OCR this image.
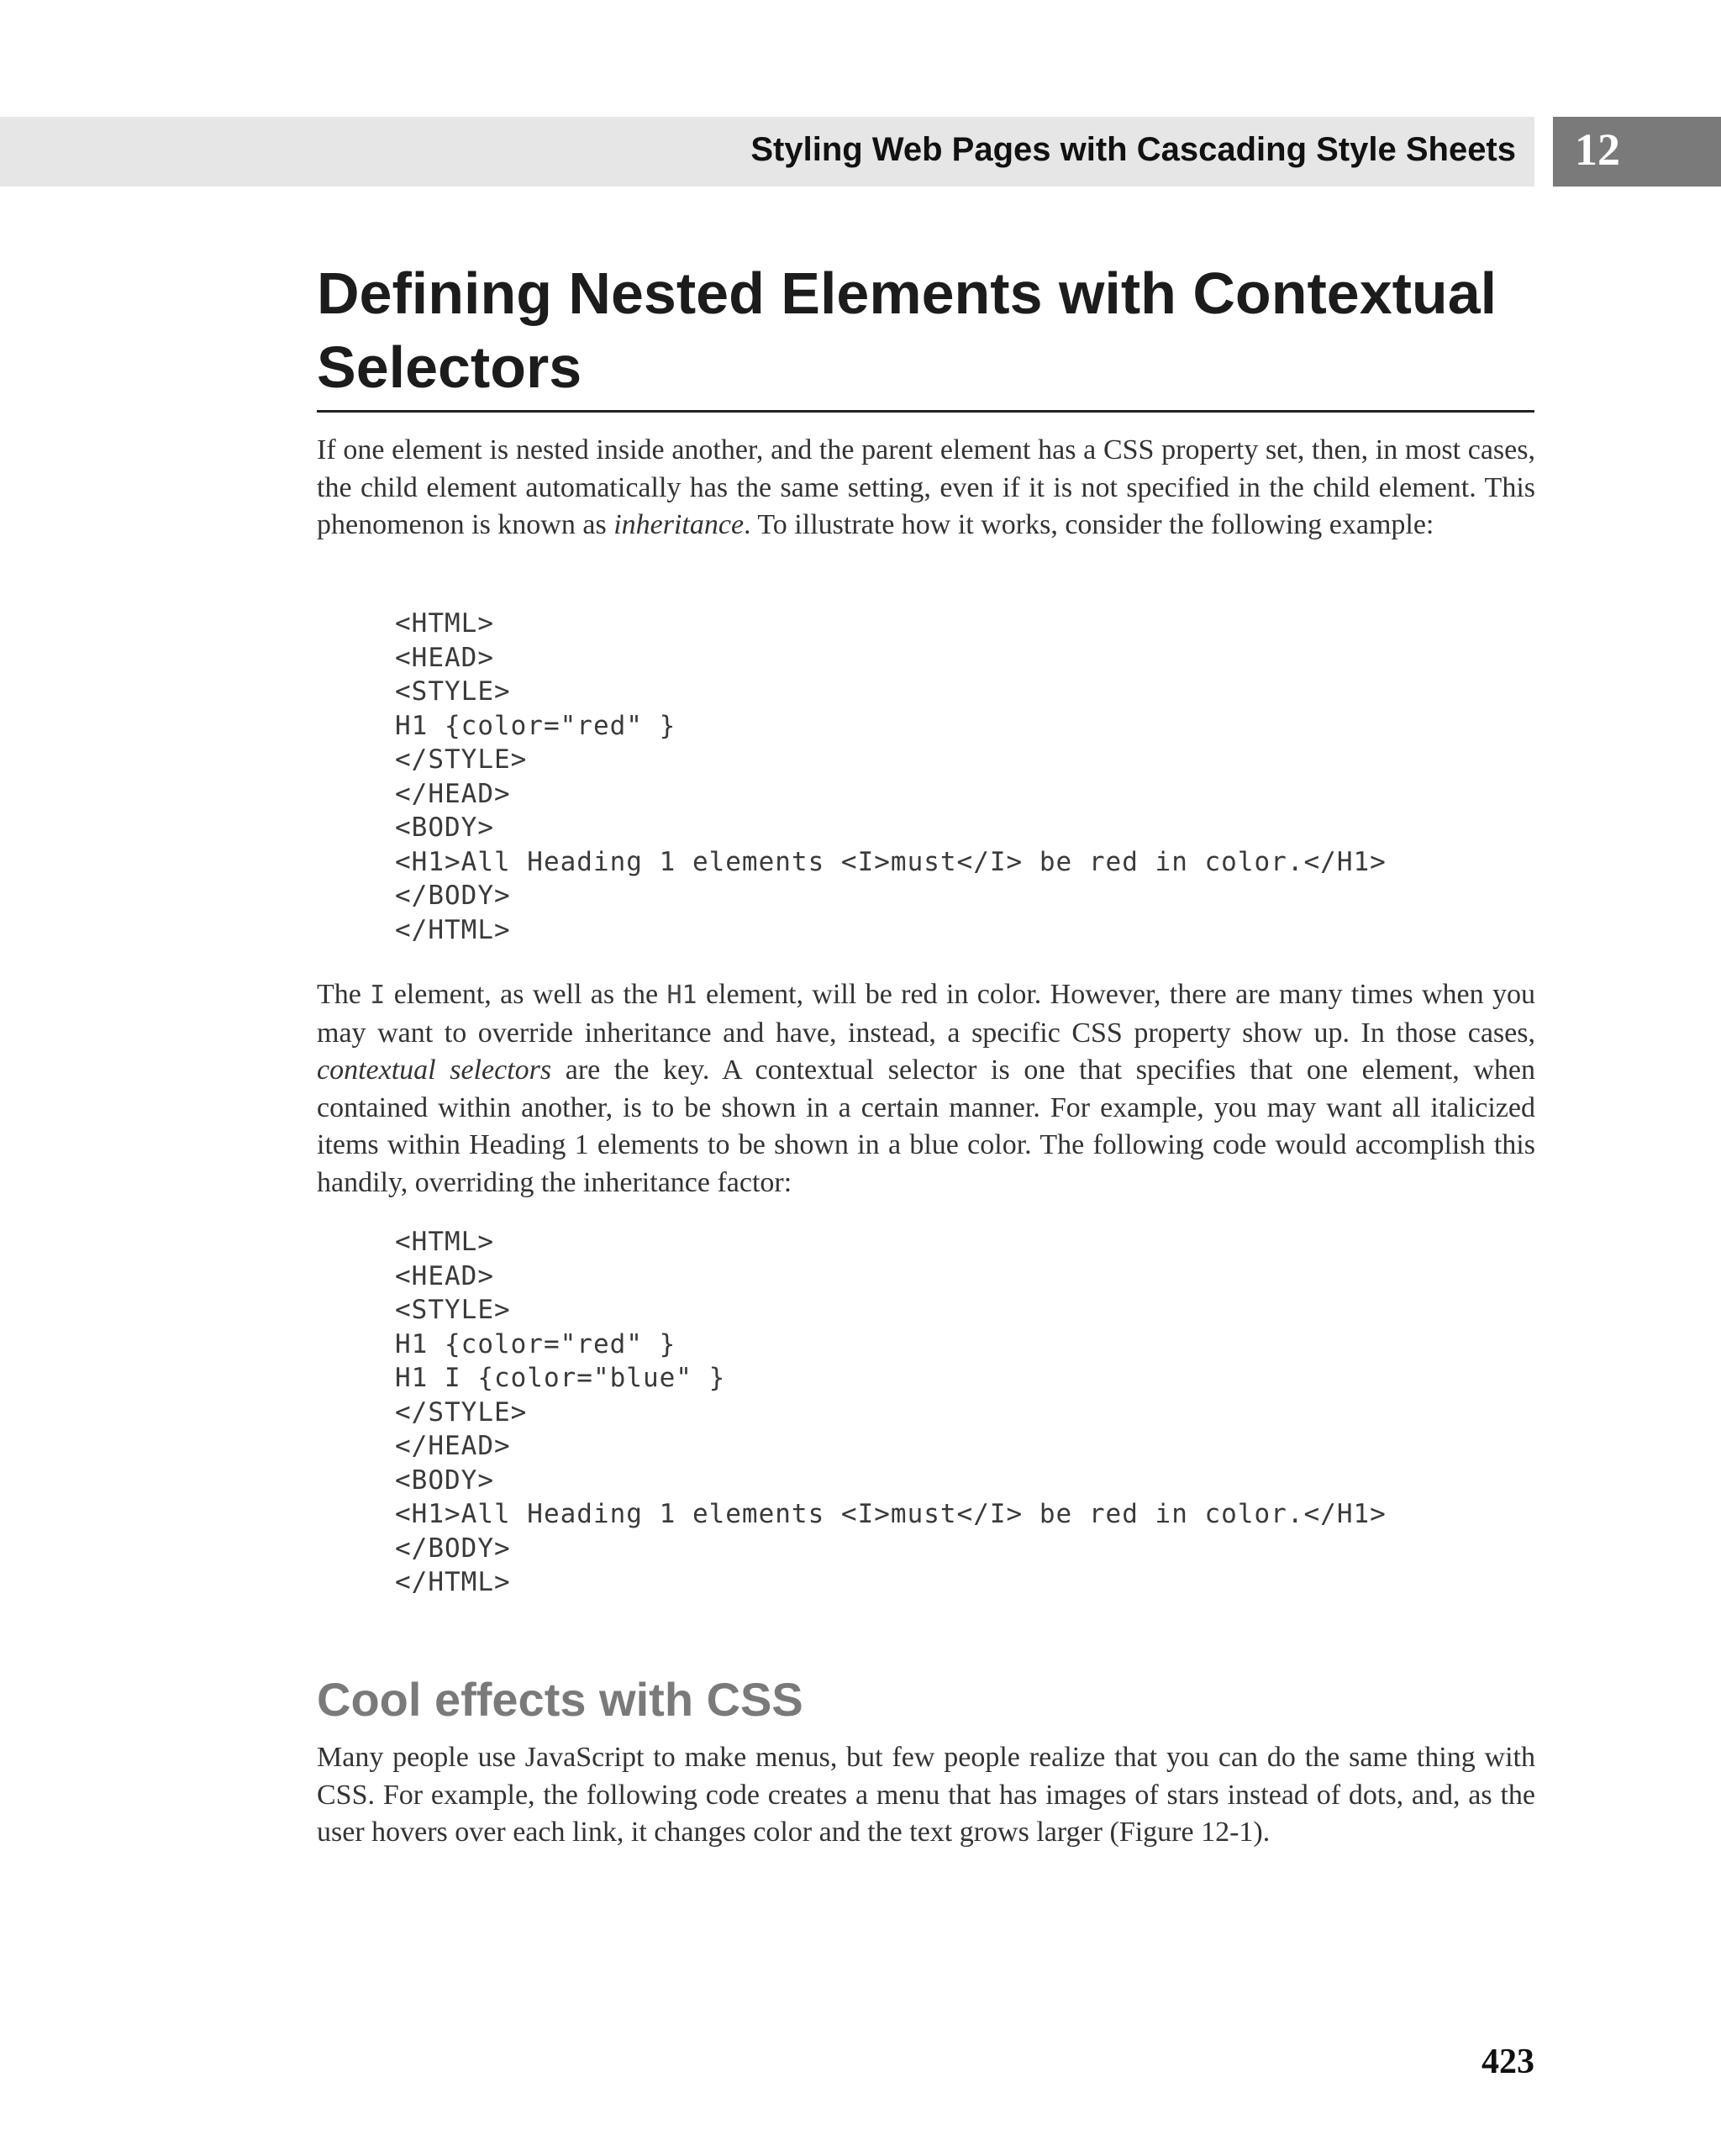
Styling Web Pages with Cascading Style Sheets 12
Defining Nested Elements with Contextual Selectors

If one element is nested inside another, and the parent element has a CSS property set, then, in most cases, the child element automatically has the same setting, even if it is not specified in the child element. This phenomenon is known as inheritance. To illustrate how it works, consider the following example:

<HTML>
<HEAD>
<STYLE>
H1 {color="red" }
</STYLE>
</HEAD>
<BODY>
<H1>All Heading 1 elements <I>must</I> be red in color.</H1>
</BODY>
</HTML>

The I element, as well as the H1 element, will be red in color. However, there are many times when you may want to override inheritance and have, instead, a specific CSS property show up. In those cases, contextual selectors are the key. A contextual selector is one that specifies that one element, when contained within another, is to be shown in a certain manner. For example, you may want all italicized items within Heading 1 elements to be shown in a blue color. The following code would accomplish this handily, overriding the inheritance factor:

<HTML>
<HEAD>
<STYLE>
H1 {color="red" }
H1 I {color="blue" }
</STYLE>
</HEAD>
<BODY>
<H1>All Heading 1 elements <I>must</I> be red in color.</H1>
</BODY>
</HTML>
Cool effects with CSS

Many people use JavaScript to make menus, but few people realize that you can do the same thing with CSS. For example, the following code creates a menu that has images of stars instead of dots, and, as the user hovers over each link, it changes color and the text grows larger (Figure 12-1).

423
